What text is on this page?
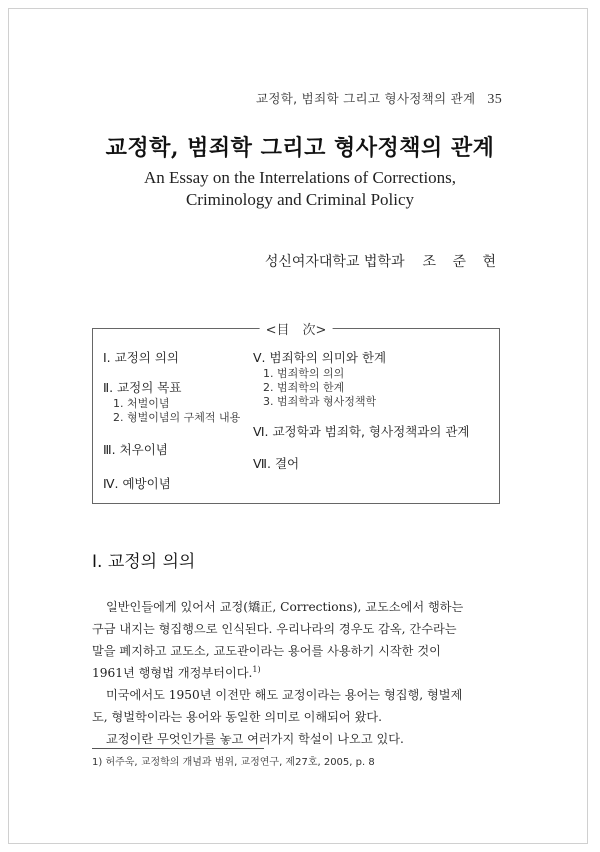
교정학, 범죄학 그리고 형사정책의 관계 35
교정학, 범죄학 그리고 형사정책의 관계
An Essay on the Interrelations of Corrections,
Criminology and Criminal Policy
성신여자대학교 법학과 조 준 현
<目　次>
Ⅰ. 교정의 의의
Ⅱ. 교정의 목표
1. 처벌이념
2. 형벌이념의 구체적 내용
Ⅲ. 처우이념
Ⅳ. 예방이념
Ⅴ. 범죄학의 의미와 한계
1. 범죄학의 의의
2. 범죄학의 한계
3. 범죄학과 형사정책학
Ⅵ. 교정학과 범죄학, 형사정책과의 관계
Ⅶ. 결어
I. 교정의 의의

일반인들에게 있어서 교정(矯正, Corrections), 교도소에서 행하는

구금 내지는 형집행으로 인식된다. 우리나라의 경우도 감옥, 간수라는

말을 폐지하고 교도소, 교도관이라는 용어를 사용하기 시작한 것이

1961년 행형법 개정부터이다.$^{1)}$

미국에서도 1950년 이전만 해도 교정이라는 용어는 형집행, 형벌제

도, 형벌학이라는 용어와 동일한 의미로 이해되어 왔다.

교정이란 무엇인가를 놓고 여러가지 학설이 나오고 있다.

1) 허주욱, 교정학의 개념과 범위, 교정연구, 제27호, 2005, p. 8
